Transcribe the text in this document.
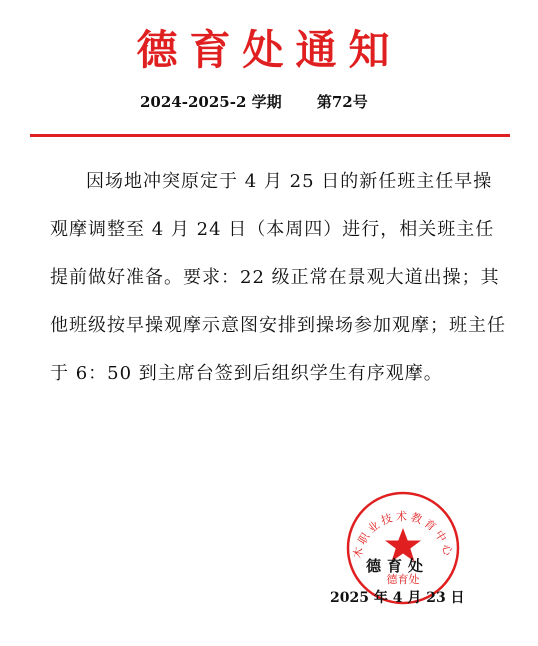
德育处通知
2024-2025-2 学期 第72号

因场地冲突原定于 4 月 25 日的新任班主任早操观摩调整至 4 月 24 日（本周四）进行，相关班主任提前做好准备。要求：22 级正常在景观大道出操；其他班级按早操观摩示意图安排到操场参加观摩；班主任于 6：50 到主席台签到后组织学生有序观摩。

木职业技术教育中心
德育处
德育处
2025 年 4 月 23 日
